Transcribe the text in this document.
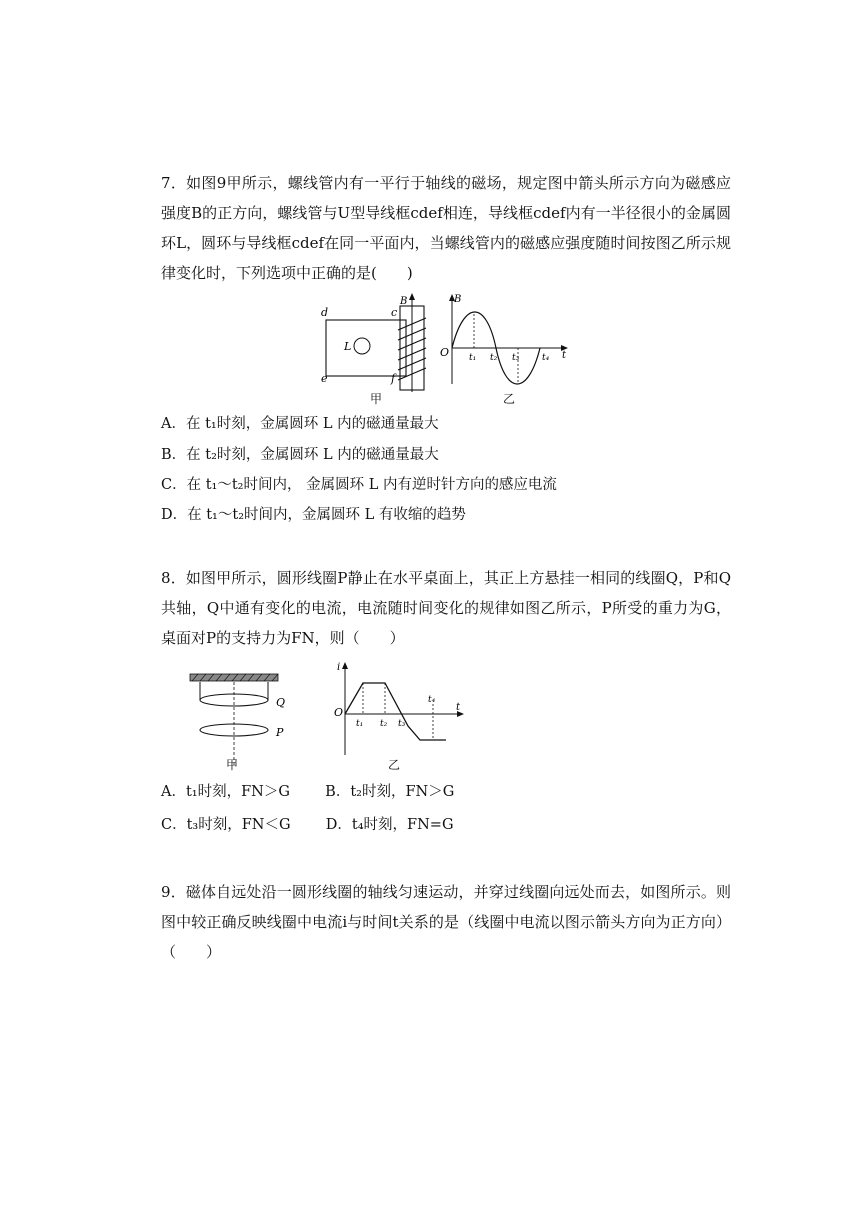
7．如图9甲所示，螺线管内有一平行于轴线的磁场，规定图中箭头所示方向为磁感应强度B的正方向，螺线管与U型导线框cdef相连，导线框cdef内有一半径很小的金属圆环L，圆环与导线框cdef在同一平面内，当螺线管内的磁感应强度随时间按图乙所示规律变化时，下列选项中正确的是(　　)

d
e
c
f
L
B
甲
B
O t₁ t₂ t₃	t₄ t
乙
A．在 t₁时刻，金属圆环 L 内的磁通量最大
B．在 t₂时刻，金属圆环 L 内的磁通量最大
C．在 t₁～t₂时间内， 金属圆环 L 内有逆时针方向的感应电流
D．在 t₁～t₂时间内，金属圆环 L 有收缩的趋势

8．如图甲所示，圆形线圈P静止在水平桌面上，其正上方悬挂一相同的线圈Q，P和Q共轴，Q中通有变化的电流，电流随时间变化的规律如图乙所示，P所受的重力为G，桌面对P的支持力为FN，则（　　）

Q
P
甲
i
O
t₁ t₂ t₃
t₄
t
乙
A．t₁时刻，FN＞G B．t₂时刻，FN＞G
C．t₃时刻，FN＜G D．t₄时刻，FN=G

9．磁体自远处沿一圆形线圈的轴线匀速运动，并穿过线圈向远处而去，如图所示。则图中较正确反映线圈中电流i与时间t关系的是（线圈中电流以图示箭头方向为正方向）（　　）
